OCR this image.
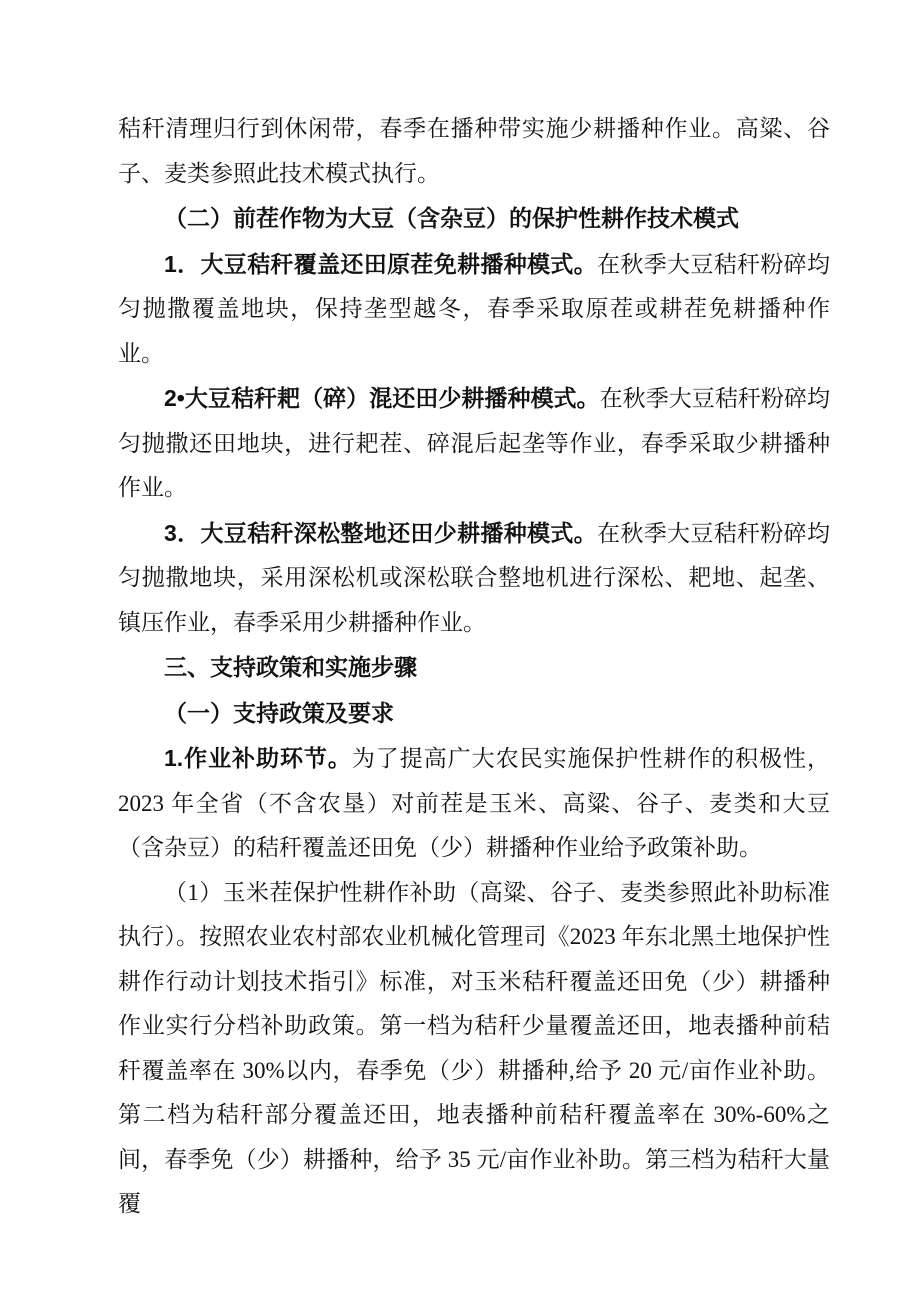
秸秆清理归行到休闲带，春季在播种带实施少耕播种作业。高粱、谷子、麦类参照此技术模式执行。

（二）前茬作物为大豆（含杂豆）的保护性耕作技术模式

1．大豆秸秆覆盖还田原茬免耕播种模式。在秋季大豆秸秆粉碎均匀抛撒覆盖地块，保持垄型越冬，春季采取原茬或耕茬免耕播种作业。

2•大豆秸秆耙（碎）混还田少耕播种模式。在秋季大豆秸秆粉碎均匀抛撒还田地块，进行耙茬、碎混后起垄等作业，春季采取少耕播种作业。

3．大豆秸秆深松整地还田少耕播种模式。在秋季大豆秸秆粉碎均匀抛撒地块，采用深松机或深松联合整地机进行深松、耙地、起垄、镇压作业，春季采用少耕播种作业。

三、支持政策和实施步骤

（一）支持政策及要求

1.作业补助环节。为了提高广大农民实施保护性耕作的积极性，2023 年全省（不含农垦）对前茬是玉米、高粱、谷子、麦类和大豆（含杂豆）的秸秆覆盖还田免（少）耕播种作业给予政策补助。

（1）玉米茬保护性耕作补助（高粱、谷子、麦类参照此补助标准执行）。按照农业农村部农业机械化管理司《2023 年东北黑土地保护性耕作行动计划技术指引》标准，对玉米秸秆覆盖还田免（少）耕播种作业实行分档补助政策。第一档为秸秆少量覆盖还田，地表播种前秸秆覆盖率在 30%以内，春季免（少）耕播种,给予 20 元/亩作业补助。第二档为秸秆部分覆盖还田，地表播种前秸秆覆盖率在 30%-60%之间，春季免（少）耕播种，给予 35 元/亩作业补助。第三档为秸秆大量覆
